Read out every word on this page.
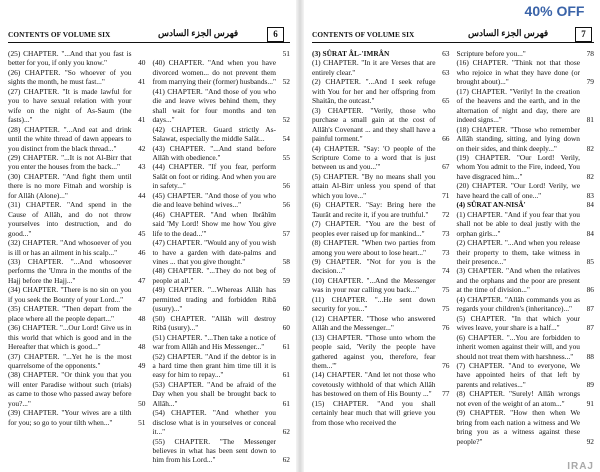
CONTENTS OF VOLUME SIX	فهرس الجزء السادس	6
(25) CHAPTER. "...And that you fast is better for you, if only you know."	40
(26) CHAPTER. "So whoever of you sights the month, he must fast..."	41
(27) CHAPTER. "It is made lawful for you to have sexual relation with your wife on the night of As-Saum (the fasts)..."	41
(28) CHAPTER. "...And eat and drink until the white thread of dawn appears to you distinct from the black thread..."	42
(29) CHAPTER. "...It is not Al-Birr that you enter the houses from the back..."	43
(30) CHAPTER. "And fight them until there is no more Fitnah and worship is for Allâh (Alone)..."	44
(31) CHAPTER. "And spend in the Cause of Allâh, and do not throw yourselves into destruction, and do good..."	45
(32) CHAPTER. "And whosoever of you is ill or has an ailment in his scalp..."	46
(33) CHAPTER. "...And whosoever performs the 'Umra in the months of the Hajj before the Hajj..."	47
(34) CHAPTER. "There is no sin on you if you seek the Bounty of your Lord..."	47
(35) CHAPTER. "Then depart from the place where all the people depart..."	48
(36) CHAPTER. "...Our Lord! Give us in this world that which is good and in the Hereafter that which is good..."	48
(37) CHAPTER. "...Yet he is the most quarrelsome of the opponents."	49
(38) CHAPTER. "Or think you that you will enter Paradise without such (trials) as came to those who passed away before you?..."	50
(39) CHAPTER. "Your wives are a tilth for you; so go to your tilth when..."	51
51
(40) CHAPTER. "And when you have divorced women... do not prevent them from marrying their (former) husbands..." 52
(41) CHAPTER. "And those of you who die and leave wives behind them, they shall wait for four months and ten days..."	52
(42) CHAPTER. Guard strictly As-Salawat, especially the middle Salât...	54
(43) CHAPTER. "...And stand before Allâh with obedience."	55
(44) CHAPTER. "If you fear, perform Salât on foot or riding. And when you are in safety..."	56
(45) CHAPTER. "And those of you who die and leave behind wives..."	56
(46) CHAPTER. "And when Ibrâhîm said 'My Lord! Show me how You give life to the dead...'"	57
(47) CHAPTER. "Would any of you wish to have a garden with date-palms and vines ... that you give thought."	58
(48) CHAPTER. "...They do not beg of people at all."	59
(49) CHAPTER. "...Whereas Allâh has permitted trading and forbidden Ribâ (usury)..."	60
(50) CHAPTER. "Allâh will destroy Ribâ (usury)..."	60
(51) CHAPTER. "...Then take a notice of war from Allâh and His Messenger..."	61
(52) CHAPTER. "And if the debtor is in a hard time then grant him time till it is easy for him to repay..."	61
(53) CHAPTER. "And be afraid of the Day when you shall be brought back to Allâh..."	61
(54) CHAPTER. "And whether you disclose what is in yourselves or conceal it..."	62
(55) CHAPTER. "The Messenger believes in what has been sent down to him from his Lord..."	62
CONTENTS OF VOLUME SIX	فهرس الجزء السادس	7
(3) SÛRAT ÂL-'IMRÂN	63
(1) CHAPTER. "In it are Verses that are entirely clear."	63
(2) CHAPTER. "...And I seek refuge with You for her and her offspring from Shaitân, the outcast."	65
(3) CHAPTER. "Verily, those who purchase a small gain at the cost of Allâh's Covenant ... and they shall have a painful torment."	66
(4) CHAPTER. "Say: 'O people of the Scripture Come to a word that is just between us and you...'"	67
(5) CHAPTER. "By no means shall you attain Al-Birr unless you spend of that which you love..."	71
(6) CHAPTER. "Say: Bring here the Taurât and recite it, if you are truthful."	72
(7) CHAPTER. "You are the best of peoples ever raised up for mankind..."	73
(8) CHAPTER. "When two parties from among you were about to lose heart..."	73
(9) CHAPTER. "Not for you is the decision..."	74
(10) CHAPTER. "...And the Messenger was in your rear calling you back..."	75
(11) CHAPTER. "...He sent down security for you..."	75
(12) CHAPTER. "Those who answered Allâh and the Messenger..."	76
(13) CHAPTER. "Those unto whom the people said, 'Verily the people have gathered against you, therefore, fear them...'"	76
(14) CHAPTER. "And let not those who covetously withhold of that which Allâh has bestowed on them of His Bounty ..."	77
(15) CHAPTER. "And you shall certainly hear much that will grieve you from those who received the
Scripture before you..."	78
(16) CHAPTER. "Think not that those who rejoice in what they have done (or brought about)..."	79
(17) CHAPTER. "Verily! In the creation of the heavens and the earth, and in the alternation of night and day, there are indeed signs..."	81
(18) CHAPTER. "Those who remember Allâh standing, sitting, and lying down on their sides, and think deeply..."	82
(19) CHAPTER. "Our Lord! Verily, whom You admit to the Fire, indeed, You have disgraced him..."	82
(20) CHAPTER. "Our Lord! Verily, we have heard the call of one..."	83
(4) SÛRAT AN-NISÂ'	84
(1) CHAPTER. "And if you fear that you shall not be able to deal justly with the orphan girls..."	84
(2) CHAPTER. "...And when you release their property to them, take witness in their presence..."	85
(3) CHAPTER. "And when the relatives and the orphans and the poor are present at the time of division..."	86
(4) CHAPTER. "Allâh commands you as regards your children's (inheritance)..."	87
(5) CHAPTER. "In that which your wives leave, your share is a half..."	87
(6) CHAPTER. "...You are forbidden to inherit women against their will, and you should not treat them with harshness..."	88
(7) CHAPTER. "And to everyone, We have appointed heirs of that left by parents and relatives..."	89
(8) CHAPTER. "Surely! Allâh wrongs not even of the weight of an atom..."	91
(9) CHAPTER. "How then when We bring from each nation a witness and We bring you as a witness against these people?"	92
40% OFF
IRAJ
